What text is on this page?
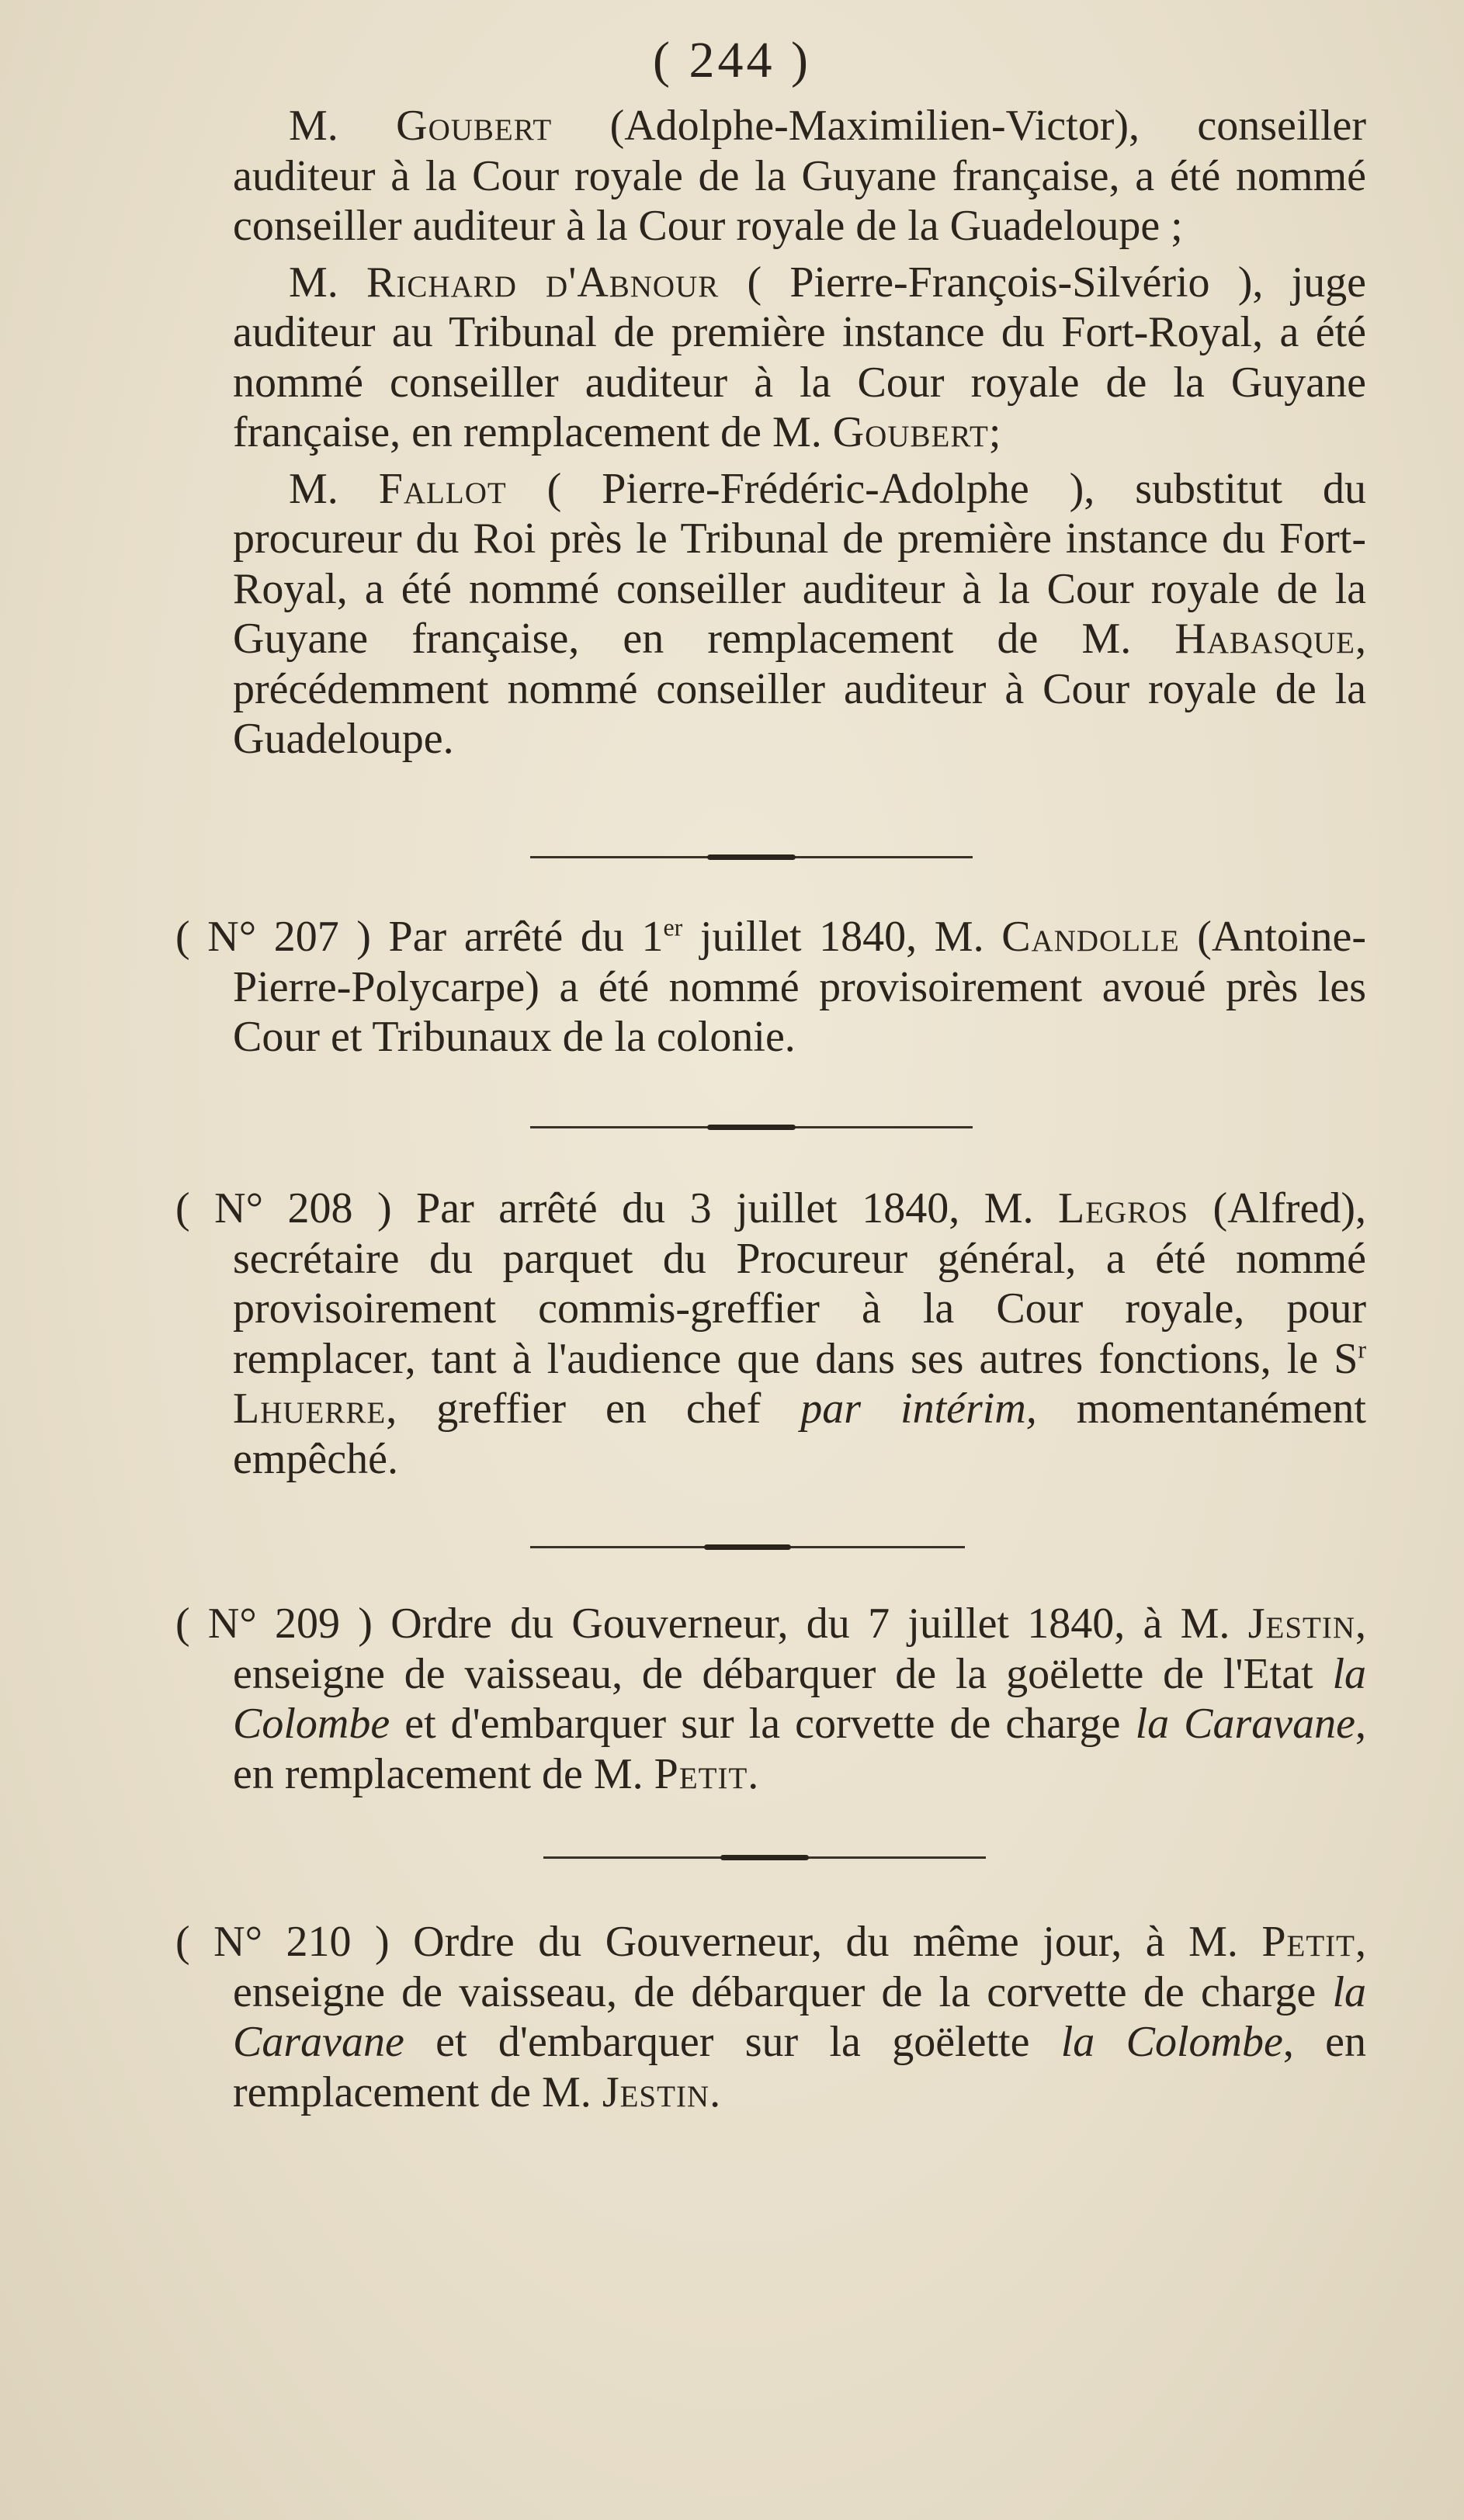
( 244 )

M. Goubert (Adolphe-Maximilien-Victor), conseiller auditeur à la Cour royale de la Guyane française, a été nommé conseiller auditeur à la Cour royale de la Guadeloupe ;

M. Richard d'Abnour ( Pierre-François-Silvério ), juge auditeur au Tribunal de première instance du Fort-Royal, a été nommé conseiller auditeur à la Cour royale de la Guyane française, en remplacement de M. Goubert;

M. Fallot ( Pierre-Frédéric-Adolphe ), substitut du procureur du Roi près le Tribunal de première instance du Fort-Royal, a été nommé conseiller auditeur à la Cour royale de la Guyane française, en remplacement de M. Habasque, précédemment nommé conseiller auditeur à Cour royale de la Guadeloupe.

( N° 207 ) Par arrêté du 1er juillet 1840, M. Candolle (Antoine-Pierre-Polycarpe) a été nommé provisoirement avoué près les Cour et Tribunaux de la colonie.

( N° 208 ) Par arrêté du 3 juillet 1840, M. Legros (Alfred), secrétaire du parquet du Procureur général, a été nommé provisoirement commis-greffier à la Cour royale, pour remplacer, tant à l'audience que dans ses autres fonctions, le $S^r$ Lhuerre, greffier en chef par intérim, momentanément empêché.

( N° 209 ) Ordre du Gouverneur, du 7 juillet 1840, à M. Jestin, enseigne de vaisseau, de débarquer de la goëlette de l'Etat la Colombe et d'embarquer sur la corvette de charge la Caravane, en remplacement de M. Petit.

( N° 210 ) Ordre du Gouverneur, du même jour, à M. Petit, enseigne de vaisseau, de débarquer de la corvette de charge la Caravane et d'embarquer sur la goëlette la Colombe, en remplacement de M. Jestin.
